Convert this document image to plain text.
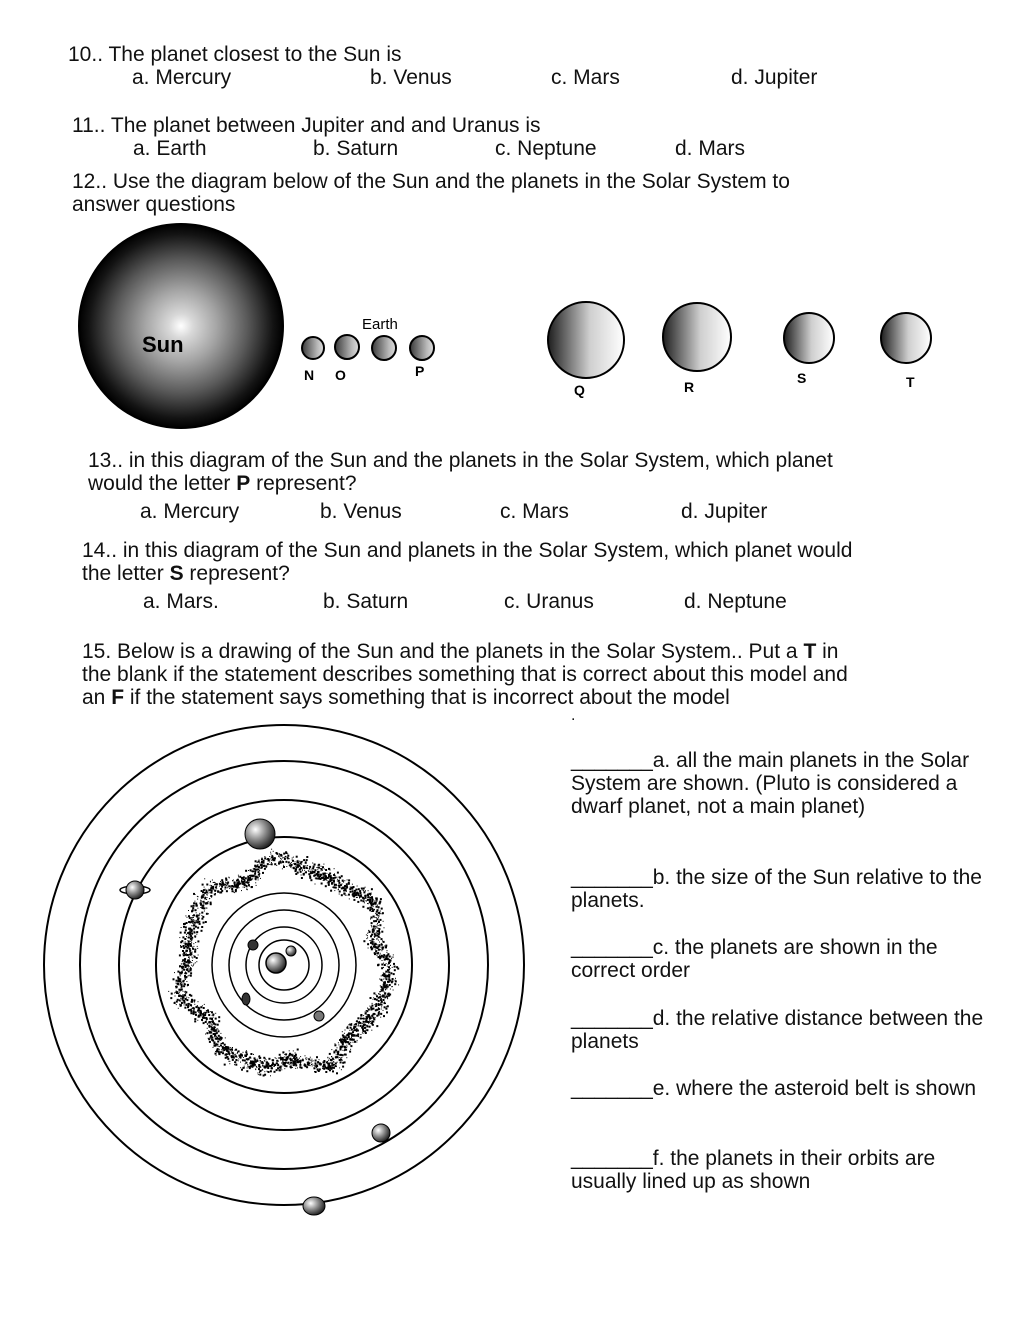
10.. The planet closest to the Sun is
a. Mercury	b. Venus	c. Mars	d. Jupiter
11.. The planet between Jupiter and and Uranus is
a. Earth	b. Saturn	c. Neptune	d. Mars
12.. Use the diagram below of the Sun and the planets in the Solar System to
answer questions
Sun
Earth
N O	P
Q	R
S	T
13.. in this diagram of the Sun and the planets in the Solar System, which planet
would the letter P represent?
a. Mercury	b. Venus	c. Mars	d. Jupiter
14.. in this diagram of the Sun and planets in the Solar System, which planet would
the letter S represent?
a. Mars.	b. Saturn	c. Uranus	d. Neptune
15. Below is a drawing of the Sun and the planets in the Solar System.. Put a T in
the blank if the statement describes something that is correct about this model and
an F if the statement says something that is incorrect about the model
.
_______a. all the main planets in the Solar System are shown. (Pluto is considered a dwarf planet, not a main planet)
_______b. the size of the Sun relative to the planets.
_______c. the planets are shown in the correct order
_______d. the relative distance between the planets
_______e. where the asteroid belt is shown
_______f. the planets in their orbits are usually lined up as shown
